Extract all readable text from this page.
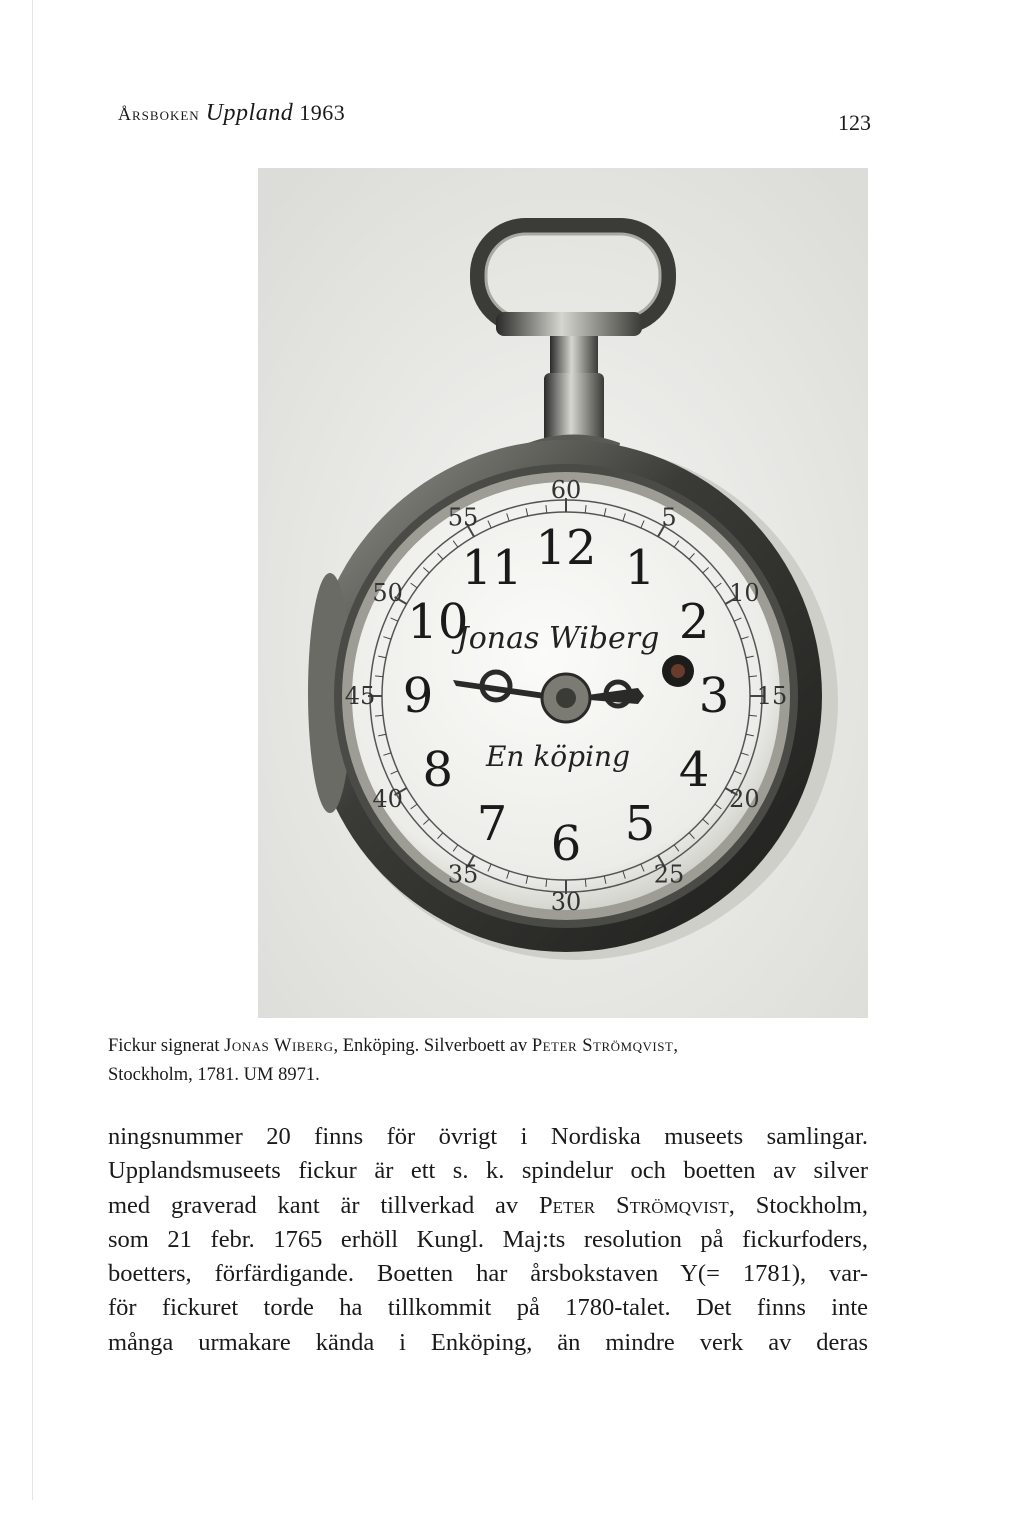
Årsboken Uppland 1963	123
60
5
10
15
20
25
30
35
40
45
50
55
12 1
2
3
4
5
6
7
8
9
10
11
Jonas Wiberg
En köping
Fickur signerat Jonas Wiberg, Enköping. Silverboett av Peter Strömqvist,
Stockholm, 1781. UM 8971.
ningsnummer 20 finns för övrigt i Nordiska museets samlingar.
Upplandsmuseets fickur är ett s. k. spindelur och boetten av silver
med graverad kant är tillverkad av Peter Strömqvist, Stockholm,
som 21 febr. 1765 erhöll Kungl. Maj:ts resolution på fickurfoders,
boetters, förfärdigande. Boetten har årsbokstaven Y(= 1781), var-
för fickuret torde ha tillkommit på 1780-talet. Det finns inte
många urmakare kända i Enköping, än mindre verk av deras
